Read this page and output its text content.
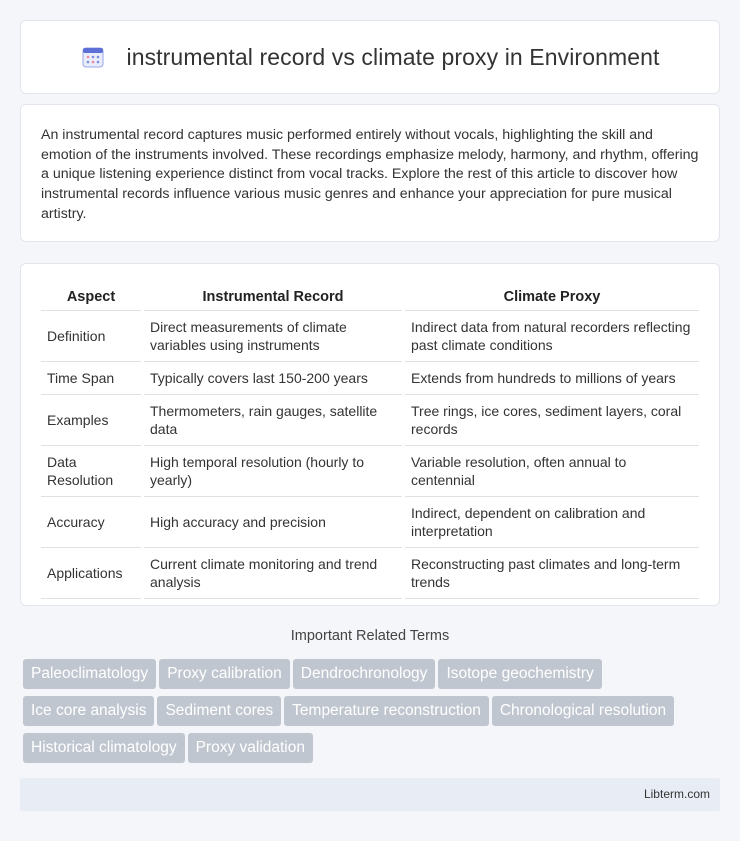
instrumental record vs climate proxy in Environment

An instrumental record captures music performed entirely without vocals, highlighting the skill and emotion of the instruments involved. These recordings emphasize melody, harmony, and rhythm, offering a unique listening experience distinct from vocal tracks. Explore the rest of this article to discover how instrumental records influence various music genres and enhance your appreciation for pure musical artistry.

Aspect		Instrumental Record		Climate Proxy
Definition		Direct measurements of climate variables using instruments		Indirect data from natural recorders reflecting past climate conditions
Time Span		Typically covers last 150-200 years		Extends from hundreds to millions of years
Examples		Thermometers, rain gauges, satellite data		Tree rings, ice cores, sediment layers, coral records
Data Resolution		High temporal resolution (hourly to yearly)		Variable resolution, often annual to centennial
Accuracy		High accuracy and precision		Indirect, dependent on calibration and interpretation
Applications		Current climate monitoring and trend analysis		Reconstructing past climates and long-term trends
Important Related Terms
Paleoclimatology Proxy calibration Dendrochronology Isotope geochemistry
Ice core analysis Sediment cores Temperature reconstruction Chronological resolution
Historical climatology Proxy validation
Libterm.com
